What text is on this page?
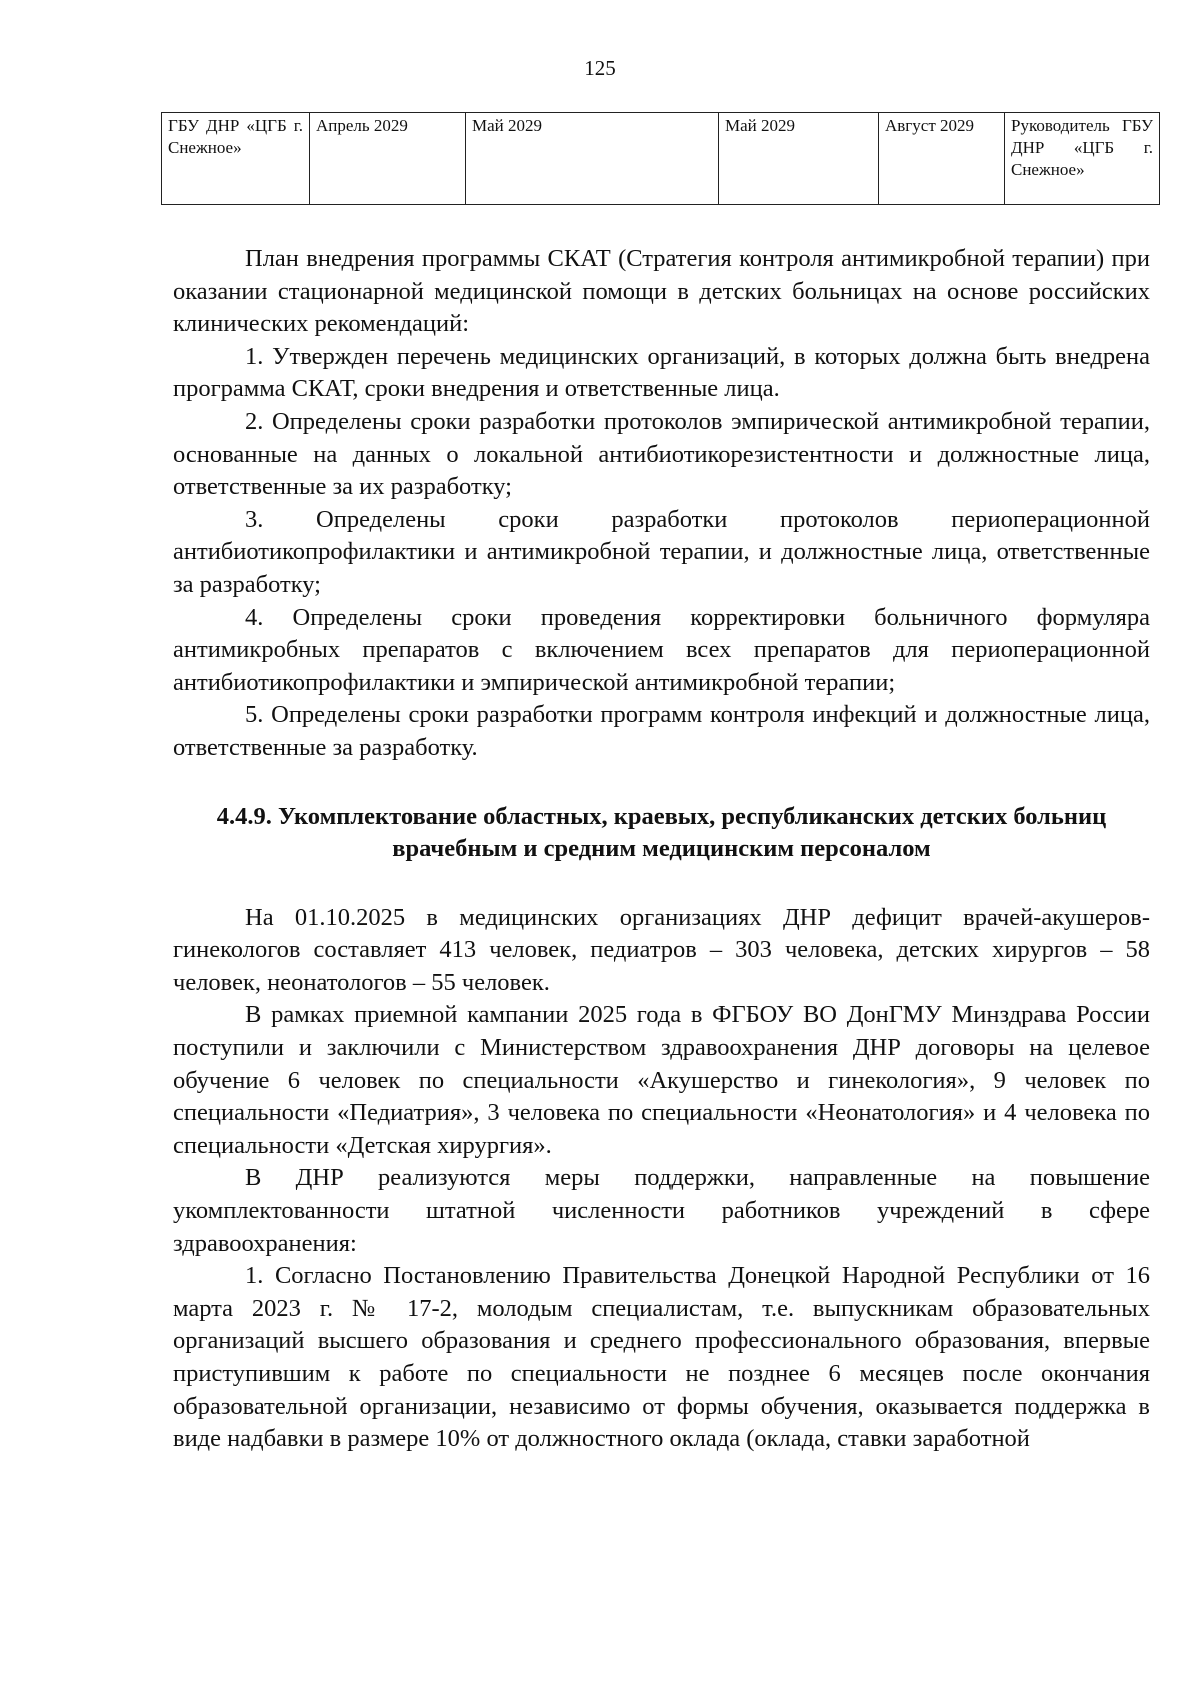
125
ГБУ ДНР «ЦГБ г. Снежное»	Апрель 2029	Май 2029	Май 2029	Август 2029	Руководитель ГБУ ДНР «ЦГБ г. Снежное»

План внедрения программы СКАТ (Стратегия контроля антимикробной терапии) при оказании стационарной медицинской помощи в детских больницах на основе российских клинических рекомендаций:

1. Утвержден перечень медицинских организаций, в которых должна быть внедрена программа СКАТ, сроки внедрения и ответственные лица.

2. Определены сроки разработки протоколов эмпирической антимикробной терапии, основанные на данных о локальной антибиотикорезистентности и должностные лица, ответственные за их разработку;

3. Определены сроки разработки протоколов периоперационной антибиотикопрофилактики и антимикробной терапии, и должностные лица, ответственные за разработку;

4. Определены сроки проведения корректировки больничного формуляра антимикробных препаратов с включением всех препаратов для периоперационной антибиотикопрофилактики и эмпирической антимикробной терапии;

5. Определены сроки разработки программ контроля инфекций и должностные лица, ответственные за разработку.

4.4.9. Укомплектование областных, краевых, республиканских детских больниц врачебным и средним медицинским персоналом

На 01.10.2025 в медицинских организациях ДНР дефицит врачей-акушеров-гинекологов составляет 413 человек, педиатров – 303 человека, детских хирургов – 58 человек, неонатологов – 55 человек.

В рамках приемной кампании 2025 года в ФГБОУ ВО ДонГМУ Минздрава России поступили и заключили с Министерством здравоохранения ДНР договоры на целевое обучение 6 человек по специальности «Акушерство и гинекология», 9 человек по специальности «Педиатрия», 3 человека по специальности «Неонатология» и 4 человека по специальности «Детская хирургия».

В ДНР реализуются меры поддержки, направленные на повышение укомплектованности штатной численности работников учреждений в сфере здравоохранения:

1. Согласно Постановлению Правительства Донецкой Народной Республики от 16 марта 2023 г. № 17-2, молодым специалистам, т.е. выпускникам образовательных организаций высшего образования и среднего профессионального образования, впервые приступившим к работе по специальности не позднее 6 месяцев после окончания образовательной организации, независимо от формы обучения, оказывается поддержка в виде надбавки в размере 10% от должностного оклада (оклада, ставки заработной
